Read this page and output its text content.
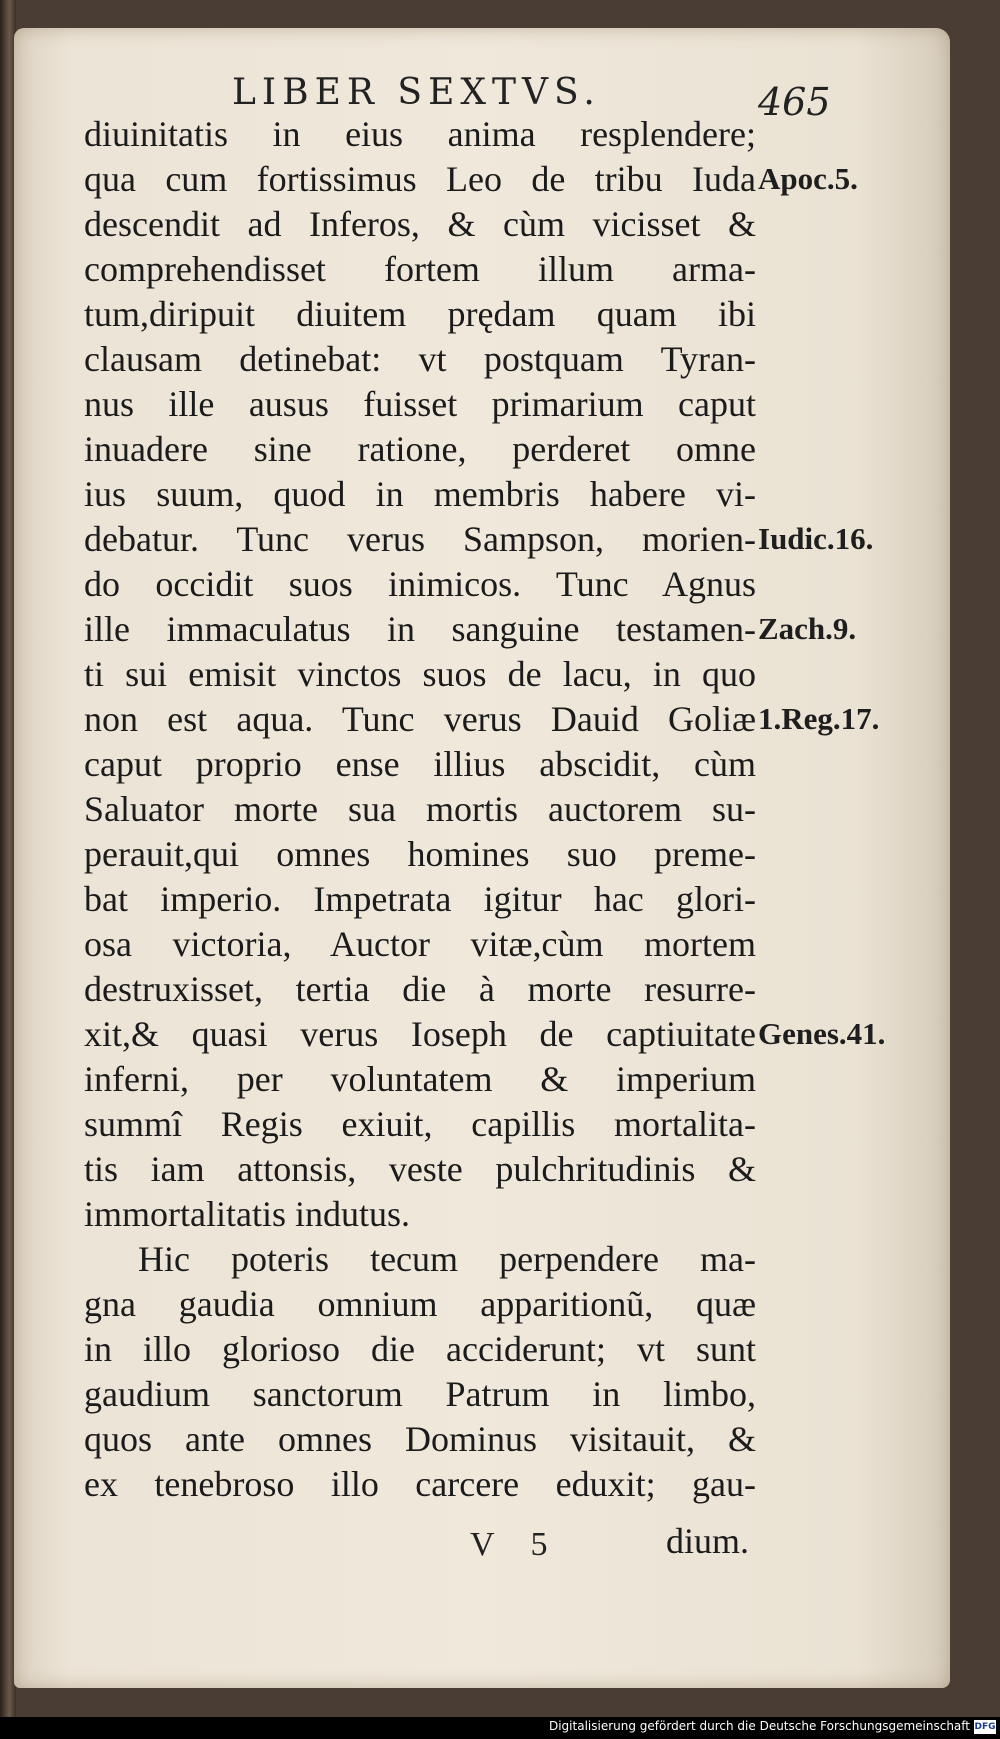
LIBER SEXTVS.	465
diuinitatis in eius anima resplendere;
qua cum fortissimus Leo de tribu Iuda
descendit ad Inferos, & cùm vicisset &
comprehendisset fortem illum arma-
tum,diripuit diuitem prędam quam ibi
clausam detinebat: vt postquam Tyran-
nus ille ausus fuisset primarium caput
inuadere sine ratione, perderet omne
ius suum, quod in membris habere vi-
debatur. Tunc verus Sampson, morien-
do occidit suos inimicos. Tunc Agnus
ille immaculatus in sanguine testamen-
ti sui emisit vinctos suos de lacu, in quo
non est aqua. Tunc verus Dauid Goliæ
caput proprio ense illius abscidit, cùm
Saluator morte sua mortis auctorem su-
perauit,qui omnes homines suo preme-
bat imperio. Impetrata igitur hac glori-
osa victoria, Auctor vitæ,cùm mortem
destruxisset, tertia die à morte resurre-
xit,& quasi verus Ioseph de captiuitate
inferni, per voluntatem & imperium
summî Regis exiuit, capillis mortalita-
tis iam attonsis, veste pulchritudinis &
immortalitatis indutus.
Hic poteris tecum perpendere ma-
gna gaudia omnium apparitionũ, quæ
in illo glorioso die acciderunt; vt sunt
gaudium sanctorum Patrum in limbo,
quos ante omnes Dominus visitauit, &
ex tenebroso illo carcere eduxit; gau-
Apoc.5.
Iudic.16.
Zach.9.
1.Reg.17.
Genes.41.
V 5	dium.
Digitalisierung gefördert durch die Deutsche Forschungsgemeinschaft DFG
